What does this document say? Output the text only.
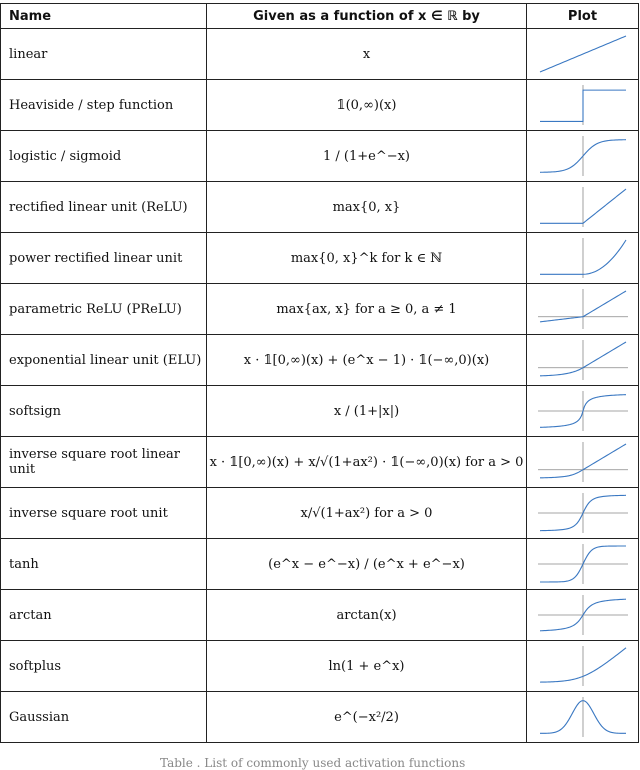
Name	Given as a function of x ∈ ℝ by	Plot
linear	x	

Heaviside / step function	𝟙(0,∞)(x)	

logistic / sigmoid	1 / (1+e^−x)	

rectified linear unit (ReLU)	max{0, x}	

power rectified linear unit	max{0, x}^k for k ∈ ℕ	

parametric ReLU (PReLU)	max{ax, x} for a ≥ 0, a ≠ 1	

exponential linear unit (ELU)	x · 𝟙[0,∞)(x) + (e^x − 1) · 𝟙(−∞,0)(x)	

softsign	x / (1+|x|)	

inverse square root linear unit	x · 𝟙[0,∞)(x) + x/√(1+ax²) · 𝟙(−∞,0)(x) for a > 0	

inverse square root unit	x/√(1+ax²) for a > 0	

tanh	(e^x − e^−x) / (e^x + e^−x)	

arctan	arctan(x)	

softplus	ln(1 + e^x)	

Gaussian	e^(−x²/2)	
Table . List of commonly used activation functions
